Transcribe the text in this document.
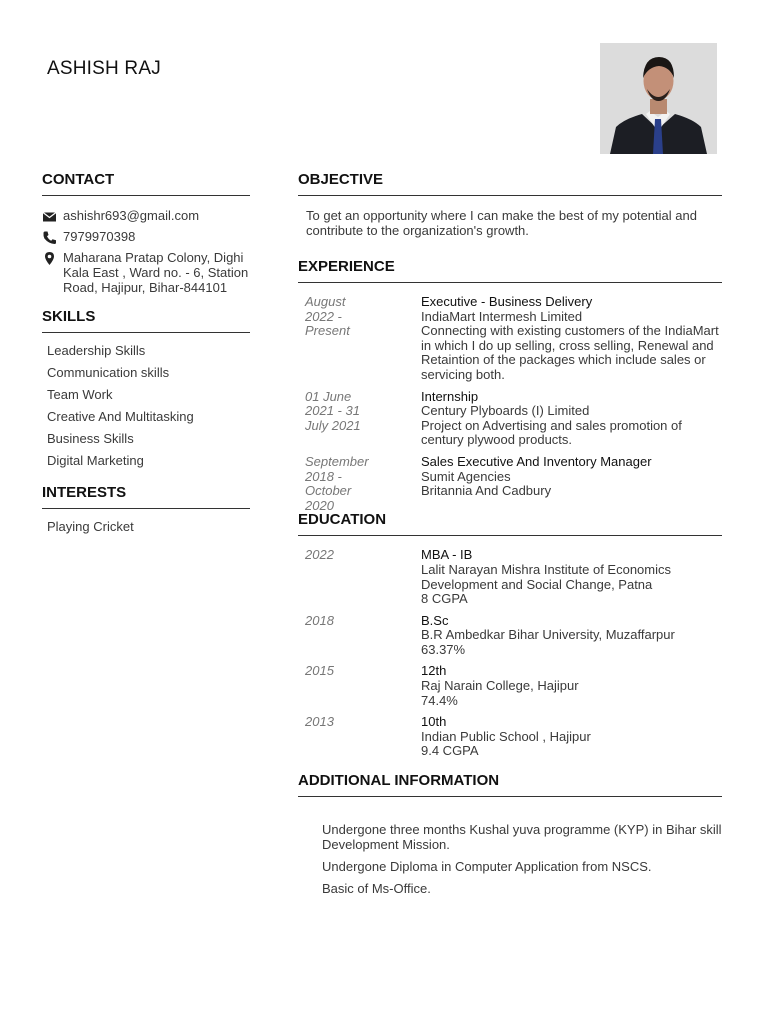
ASHISH RAJ
CONTACT
ashishr693@gmail.com
7979970398
Maharana Pratap Colony, Dighi Kala East , Ward no. - 6, Station Road, Hajipur, Bihar-844101
SKILLS
Leadership Skills
Communication skills
Team Work
Creative And Multitasking
Business Skills
Digital Marketing
INTERESTS
Playing Cricket
OBJECTIVE
To get an opportunity where I can make the best of my potential and contribute to the organization's growth.
EXPERIENCE
August 2022 - Present
Executive - Business Delivery
IndiaMart Intermesh Limited
Connecting with existing customers of the IndiaMart in which I do up selling, cross selling, Renewal and Retaintion of the packages which include sales or servicing both.
01 June 2021 - 31 July 2021
Internship
Century Plyboards (I) Limited
Project on Advertising and sales promotion of century plywood products.
September 2018 - October 2020
Sales Executive And Inventory Manager
Sumit Agencies
Britannia And Cadbury
EDUCATION
2022	MBA - IB
Lalit Narayan Mishra Institute of Economics Development and Social Change, Patna
8 CGPA
2018	B.Sc
B.R Ambedkar Bihar University, Muzaffarpur
63.37%
2015	12th
Raj Narain College, Hajipur
74.4%
2013	10th
Indian Public School , Hajipur
9.4 CGPA
ADDITIONAL INFORMATION
Undergone three months Kushal yuva programme (KYP) in Bihar skill Development Mission.
Undergone Diploma in Computer Application from NSCS.
Basic of Ms-Office.
